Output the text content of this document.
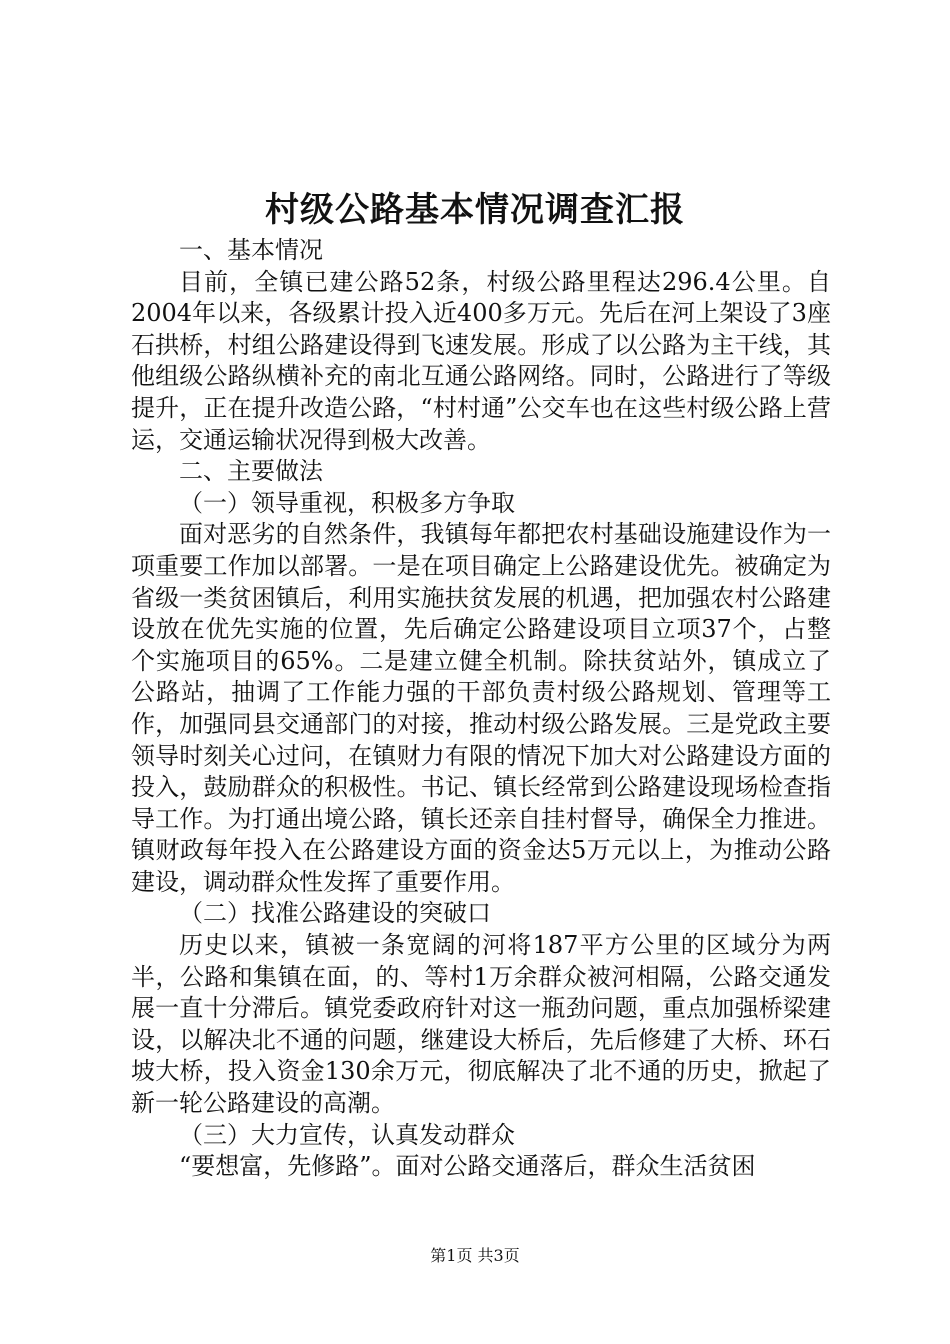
村级公路基本情况调查汇报

一、基本情况

目前，全镇已建公路52条，村级公路里程达296.4公里。自2004年以来，各级累计投入近400多万元。先后在河上架设了3座石拱桥，村组公路建设得到飞速发展。形成了以公路为主干线，其他组级公路纵横补充的南北互通公路网络。同时，公路进行了等级提升，正在提升改造公路，“村村通”公交车也在这些村级公路上营运，交通运输状况得到极大改善。

二、主要做法

（一）领导重视，积极多方争取

面对恶劣的自然条件，我镇每年都把农村基础设施建设作为一项重要工作加以部署。一是在项目确定上公路建设优先。被确定为省级一类贫困镇后，利用实施扶贫发展的机遇，把加强农村公路建设放在优先实施的位置，先后确定公路建设项目立项37个，占整个实施项目的65%。二是建立健全机制。除扶贫站外，镇成立了公路站，抽调了工作能力强的干部负责村级公路规划、管理等工作，加强同县交通部门的对接，推动村级公路发展。三是党政主要领导时刻关心过问，在镇财力有限的情况下加大对公路建设方面的投入，鼓励群众的积极性。书记、镇长经常到公路建设现场检查指导工作。为打通出境公路，镇长还亲自挂村督导，确保全力推进。镇财政每年投入在公路建设方面的资金达5万元以上，为推动公路建设，调动群众性发挥了重要作用。

（二）找准公路建设的突破口

历史以来，镇被一条宽阔的河将187平方公里的区域分为两半，公路和集镇在面，的、等村1万余群众被河相隔，公路交通发展一直十分滞后。镇党委政府针对这一瓶劲问题，重点加强桥梁建设，以解决北不通的问题，继建设大桥后，先后修建了大桥、环石坡大桥，投入资金130余万元，彻底解决了北不通的历史，掀起了新一轮公路建设的高潮。

（三）大力宣传，认真发动群众

“要想富，先修路”。面对公路交通落后，群众生活贫困

第1页 共3页
